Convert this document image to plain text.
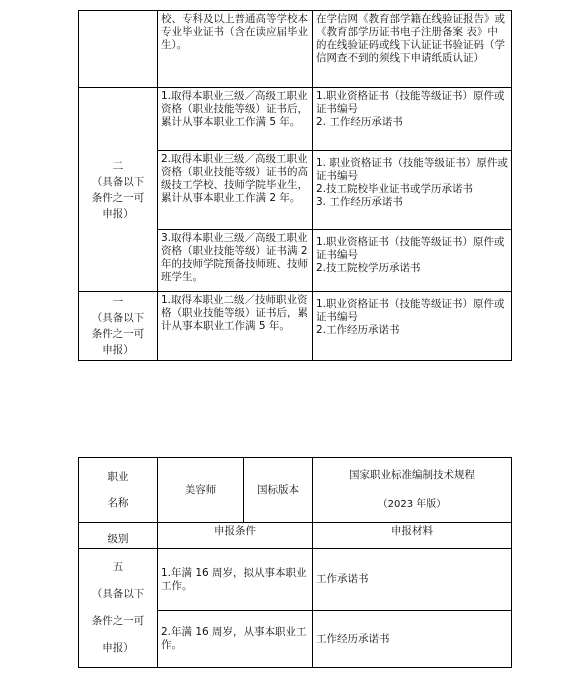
	校、专科及以上普通高等学校本专业毕业证书（含在读应届毕业生）。	在学信网《教育部学籍在线验证报告》或《教育部学历证书电子注册备案 表》中的在线验证码或线下认证证书验证码（学信网查不到的须线下申请纸质认证）

二
（具备以下
条件之一可
申报）	1.取得本职业三级／高级工职业资格（职业技能等级）证书后，累计从事本职业工作满 5 年。	1.职业资格证书（技能等级证书）原件或证书编号
2. 工作经历承诺书

	2.取得本职业三级／高级工职业资格（职业技能等级）证书的高级技工学校、技师学院毕业生，累计从事本职业工作满 2 年。	1. 职业资格证书（技能等级证书）原件或证书编号
2.技工院校毕业证书或学历承诺书
3. 工作经历承诺书

	3.取得本职业三级／高级工职业资格（职业技能等级）证书满 2 年的技师学院预备技师班、技师班学生。	1.职业资格证书（技能等级证书）原件或证书编号
2.技工院校学历承诺书

一
（具备以下
条件之一可
申报）	1.取得本职业二级／技师职业资格（职业技能等级）证书后，累计从事本职业工作满 5 年。	1.职业资格证书（技能等级证书）原件或证书编号
2.工作经历承诺书
职业
名称	美容师	国标版本	国家职业标准编制技术规程
（2023 年版）

级别	申报条件		申报材料

五
（具备以下
条件之一可
申报）	1.年满 16 周岁，拟从事本职业工作。		工作承诺书
	2.年满 16 周岁，从事本职业工作。		工作经历承诺书
